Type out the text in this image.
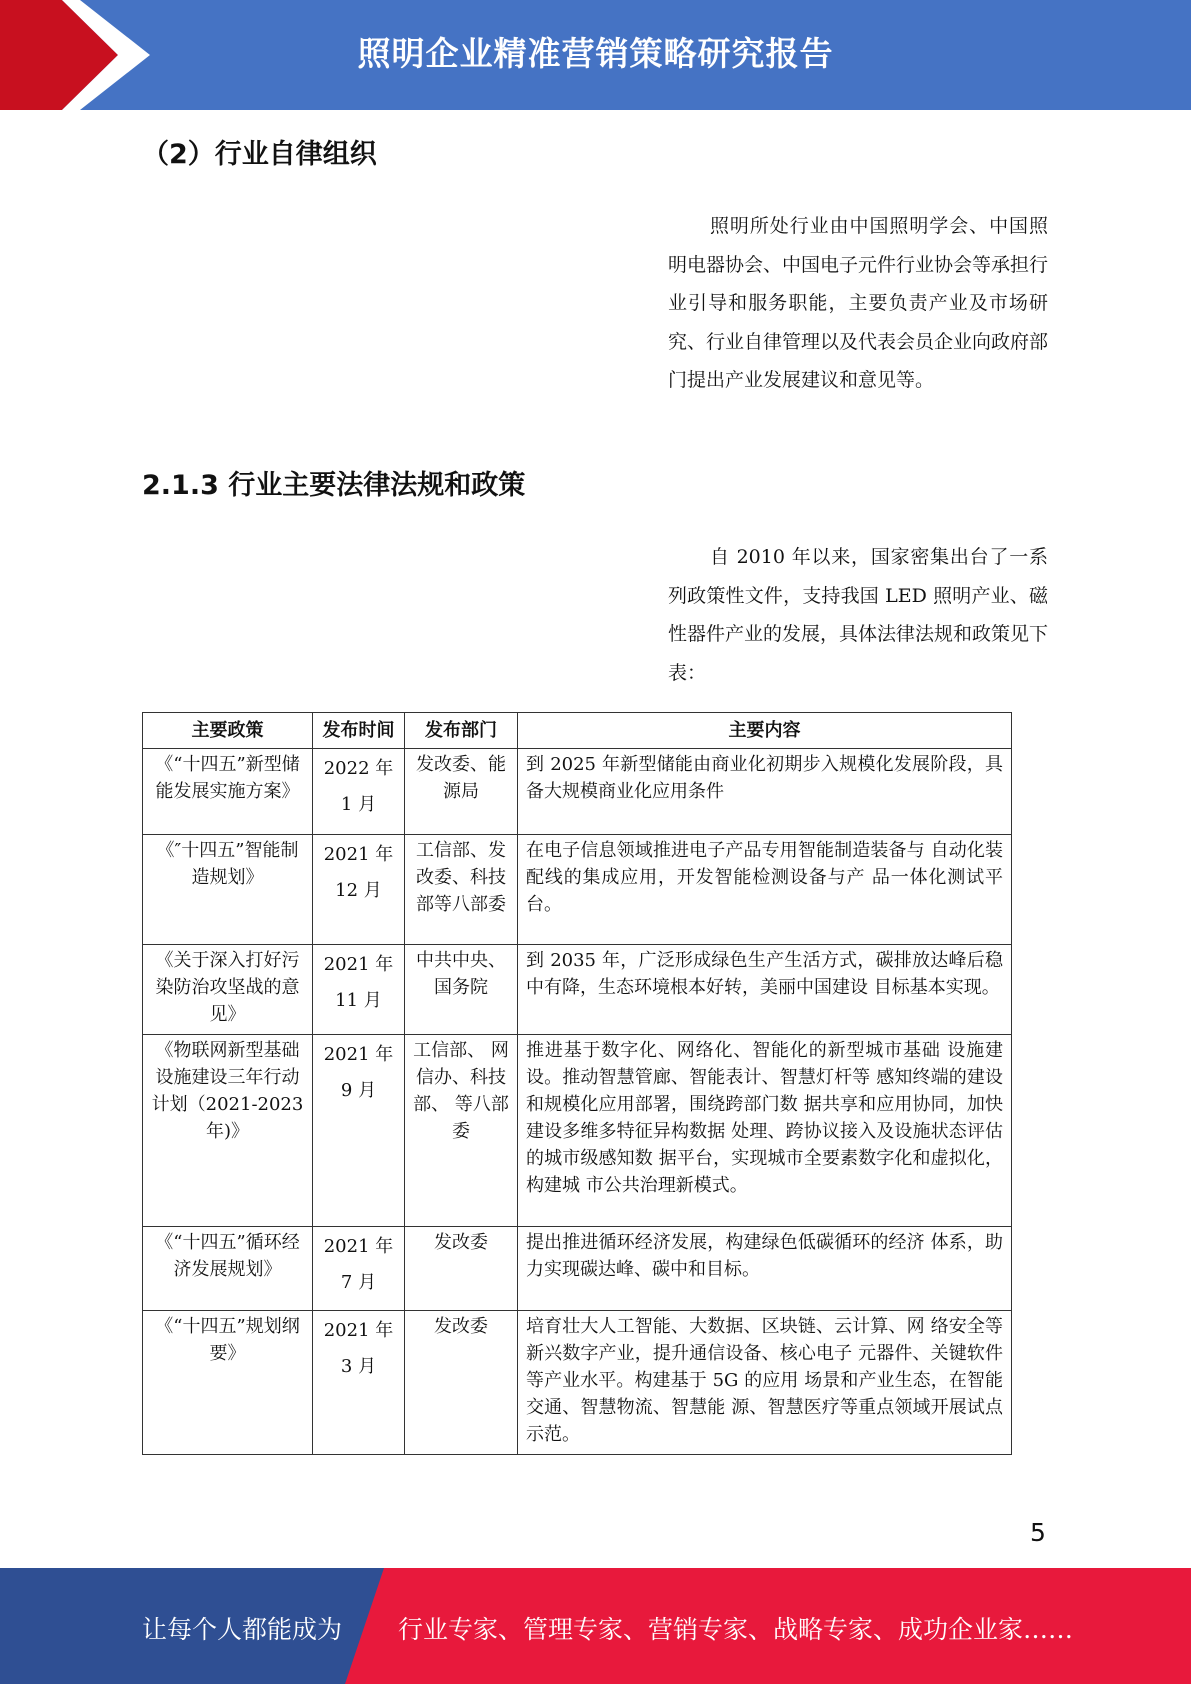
照明企业精准营销策略研究报告
（2）行业自律组织
照明所处行业由中国照明学会、中国照明电器协会、中国电子元件行业协会等承担行业引导和服务职能，主要负责产业及市场研究、行业自律管理以及代表会员企业向政府部门提出产业发展建议和意见等。
2.1.3 行业主要法律法规和政策
自 2010 年以来，国家密集出台了一系列政策性文件，支持我国 LED 照明产业、磁性器件产业的发展，具体法律法规和政策见下表：
主要政策	发布时间	发布部门	主要内容
《“十四五”新型储能发展实施方案》	2022 年 1 月	发改委、能源局	到 2025 年新型储能由商业化初期步入规模化发展阶段，具备大规模商业化应用条件
《″十四五”智能制造规划》	2021 年 12 月	工信部、发改委、科技部等八部委	在电子信息领域推进电子产品专用智能制造装备与 自动化装配线的集成应用，开发智能检测设备与产 品一体化测试平台。
《关于深入打好污染防治攻坚战的意见》	2021 年 11 月	中共中央、国务院	到 2035 年，广泛形成绿色生产生活方式，碳排放达峰后稳中有降，生态环境根本好转，美丽中国建设 目标基本实现。
《物联网新型基础设施建设三年行动计划（2021-2023 年)》	2021 年 9 月	工信部、 网信办、科技部、 等八部委	推进基于数字化、网络化、智能化的新型城市基础 设施建设。推动智慧管廊、智能表计、智慧灯杆等 感知终端的建设和规模化应用部署，围绕跨部门数 据共享和应用协同，加快建设多维多特征异构数据 处理、跨协议接入及设施状态评估的城市级感知数 据平台，实现城市全要素数字化和虚拟化，构建城 市公共治理新模式。
《“十四五”循环经济发展规划》	2021 年 7 月	发改委	提出推进循环经济发展，构建绿色低碳循环的经济 体系，助力实现碳达峰、碳中和目标。
《“十四五”规划纲要》	2021 年 3 月	发改委	培育壮大人工智能、大数据、区块链、云计算、网 络安全等新兴数字产业，提升通信设备、核心电子 元器件、关键软件等产业水平。构建基于 5G 的应用 场景和产业生态，在智能交通、智慧物流、智慧能 源、智慧医疗等重点领域开展试点示范。
5
让每个人都能成为 行业专家、管理专家、营销专家、战略专家、成功企业家……
